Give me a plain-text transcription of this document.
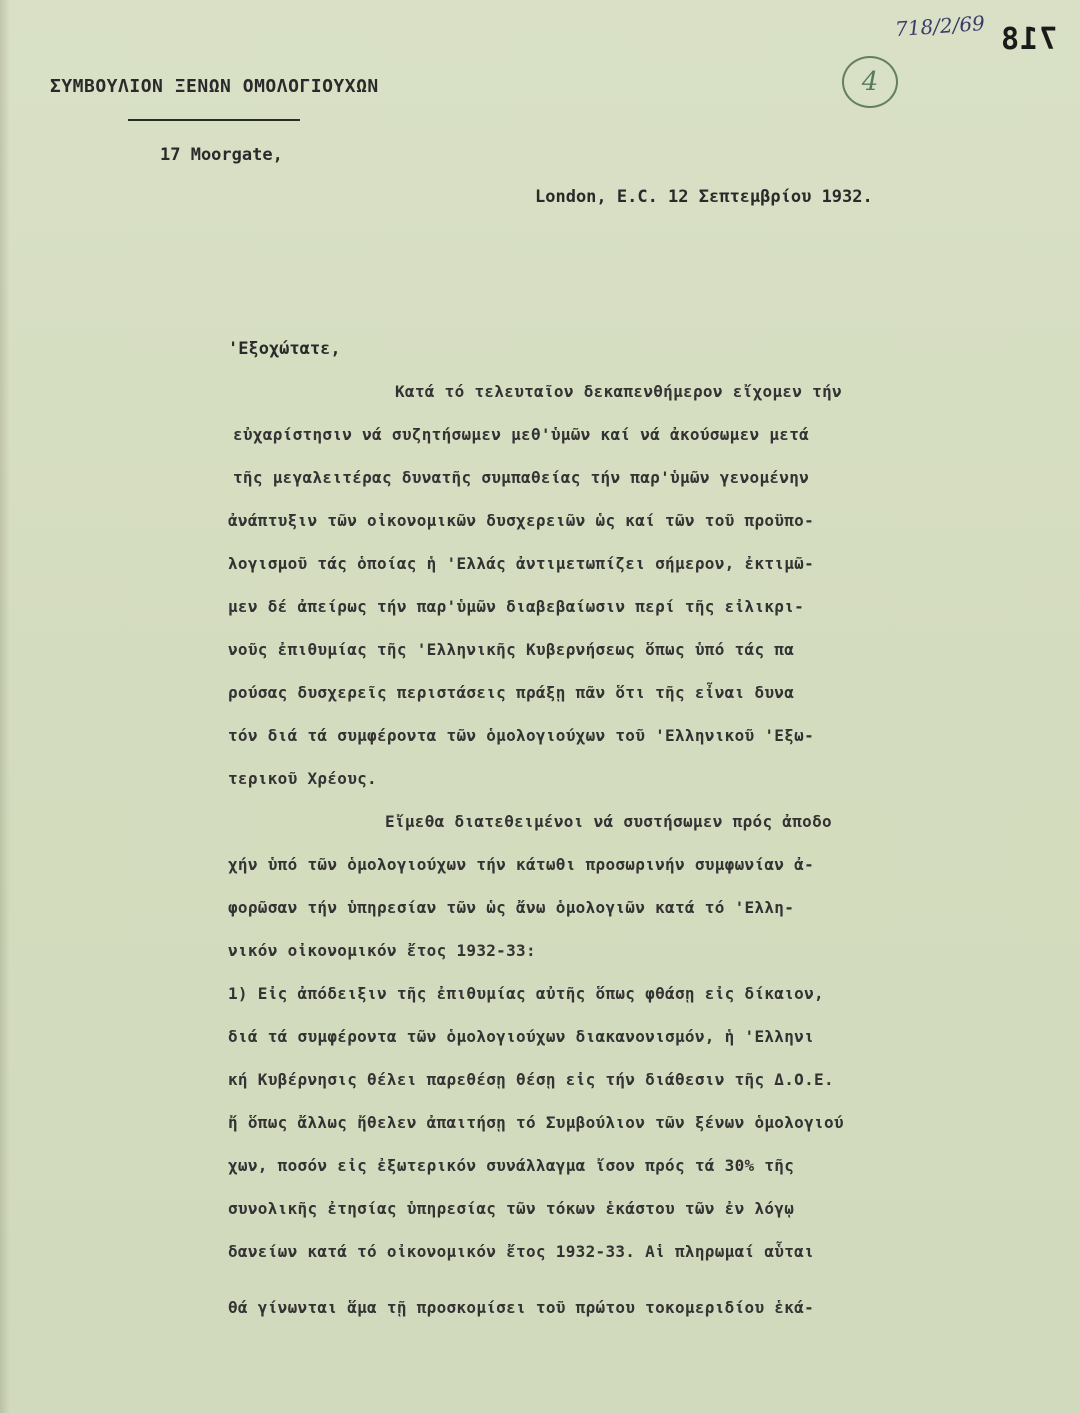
718/2/69 718
4
ΣΥΜΒΟΥΛΙΟΝ ΞΕΝΩΝ ΟΜΟΛΟΓΙΟΥΧΩΝ
17 Moorgate,
London, E.C. 12 Σεπτεμβρίου 1932.
'Εξοχώτατε,
Κατά τό τελευταῖον δεκαπενθήμερον εἴχομεν τήν
εὐχαρίστησιν νά συζητήσωμεν μεθ'ὑμῶν καί νά ἀκούσωμεν μετά
τῆς μεγαλειτέρας δυνατῆς συμπαθείας τήν παρ'ὑμῶν γενομένην
ἀνάπτυξιν τῶν οἰκονομικῶν δυσχερειῶν ὡς καί τῶν τοῦ προϋπο-
λογισμοῦ τάς ὁποίας ἡ 'Ελλάς ἀντιμετωπίζει σήμερον, ἐκτιμῶ-
μεν δέ ἀπείρως τήν παρ'ὑμῶν διαβεβαίωσιν περί τῆς εἰλικρι-
νοῦς ἐπιθυμίας τῆς 'Ελληνικῆς Κυβερνήσεως ὅπως ὑπό τάς πα
ρούσας δυσχερεῖς περιστάσεις πράξῃ πᾶν ὅτι τῆς εἶναι δυνα
τόν διά τά συμφέροντα τῶν ὁμολογιούχων τοῦ 'Ελληνικοῦ 'Εξω-
τερικοῦ Χρέους.
Εἴμεθα διατεθειμένοι νά συστήσωμεν πρός ἀποδο
χήν ὑπό τῶν ὁμολογιούχων τήν κάτωθι προσωρινήν συμφωνίαν ἀ-
φορῶσαν τήν ὑπηρεσίαν τῶν ὡς ἄνω ὁμολογιῶν κατά τό 'Ελλη-
νικόν οἰκονομικόν ἔτος 1932-33:
1) Εἰς ἀπόδειξιν τῆς ἐπιθυμίας αὐτῆς ὅπως φθάσῃ εἰς δίκαιον,
διά τά συμφέροντα τῶν ὁμολογιούχων διακανονισμόν, ἡ 'Ελληνι
κή Κυβέρνησις θέλει παρεθέσῃ θέσῃ εἰς τήν διάθεσιν τῆς Δ.Ο.Ε.
ἤ ὅπως ἄλλως ἤθελεν ἀπαιτήσῃ τό Συμβούλιον τῶν ξένων ὁμολογιού
χων, ποσόν εἰς ἐξωτερικόν συνάλλαγμα ἴσον πρός τά 30% τῆς
συνολικῆς ἐτησίας ὑπηρεσίας τῶν τόκων ἑκάστου τῶν ἐν λόγῳ
δανείων κατά τό οἰκονομικόν ἔτος 1932-33. Αἱ πληρωμαί αὗται
θά γίνωνται ἅμα τῇ προσκομίσει τοῦ πρώτου τοκομεριδίου ἑκά-
